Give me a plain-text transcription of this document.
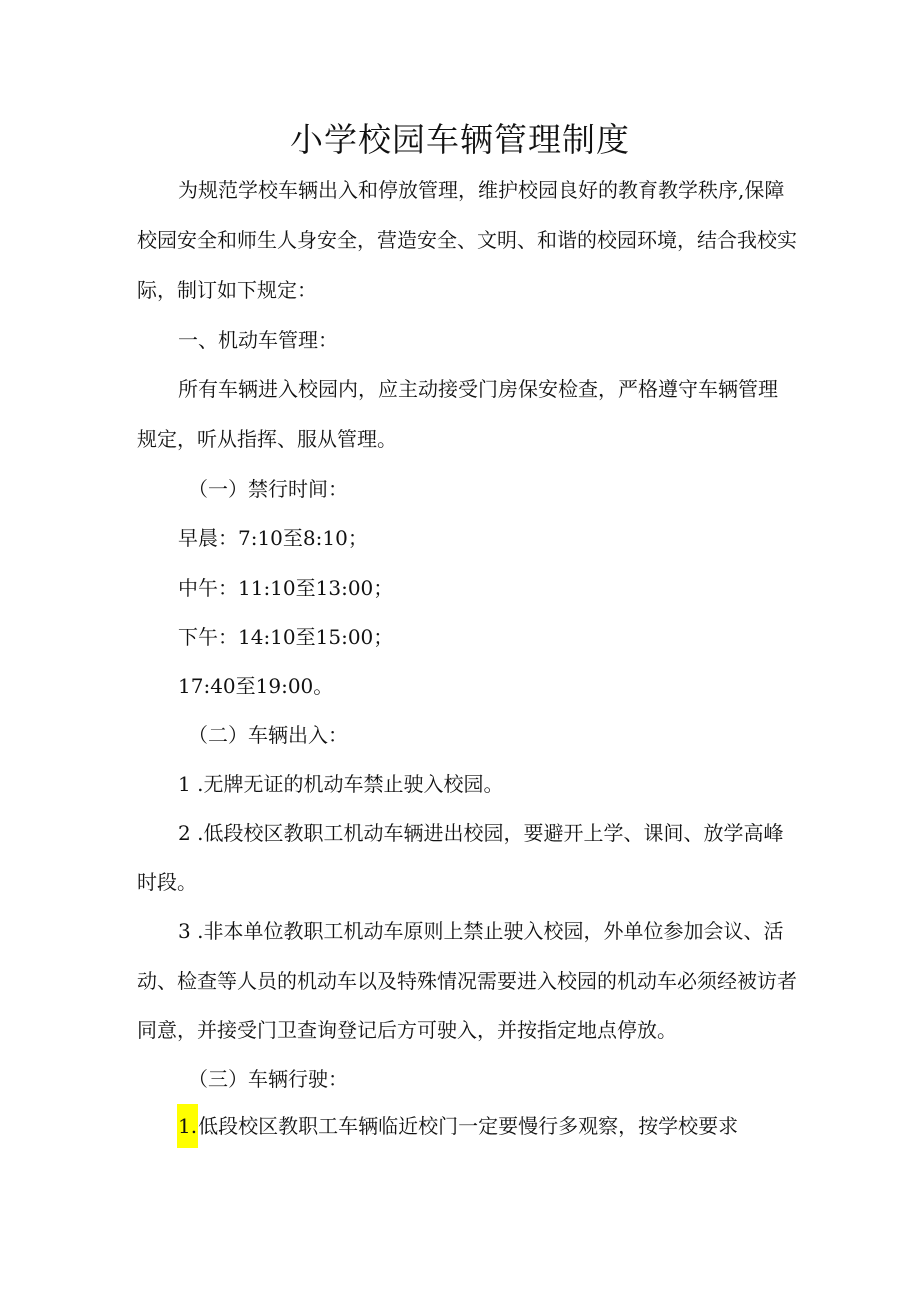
小学校园车辆管理制度
为规范学校车辆出入和停放管理，维护校园良好的教育教学秩序,保障
校园安全和师生人身安全，营造安全、文明、和谐的校园环境，结合我校实
际，制订如下规定：
一、机动车管理：
所有车辆进入校园内，应主动接受门房保安检查，严格遵守车辆管理
规定，听从指挥、服从管理。
（一）禁行时间：
早晨：7:10至8:10；
中午：11:10至13:00；
下午：14:10至15:00；
17:40至19:00。
（二）车辆出入：
1 .无牌无证的机动车禁止驶入校园。
2 .低段校区教职工机动车辆进出校园，要避开上学、课间、放学高峰
时段。
3 .非本单位教职工机动车原则上禁止驶入校园，外单位参加会议、活
动、检查等人员的机动车以及特殊情况需要进入校园的机动车必须经被访者
同意，并接受门卫查询登记后方可驶入，并按指定地点停放。
（三）车辆行驶：
1.低段校区教职工车辆临近校门一定要慢行多观察，按学校要求
